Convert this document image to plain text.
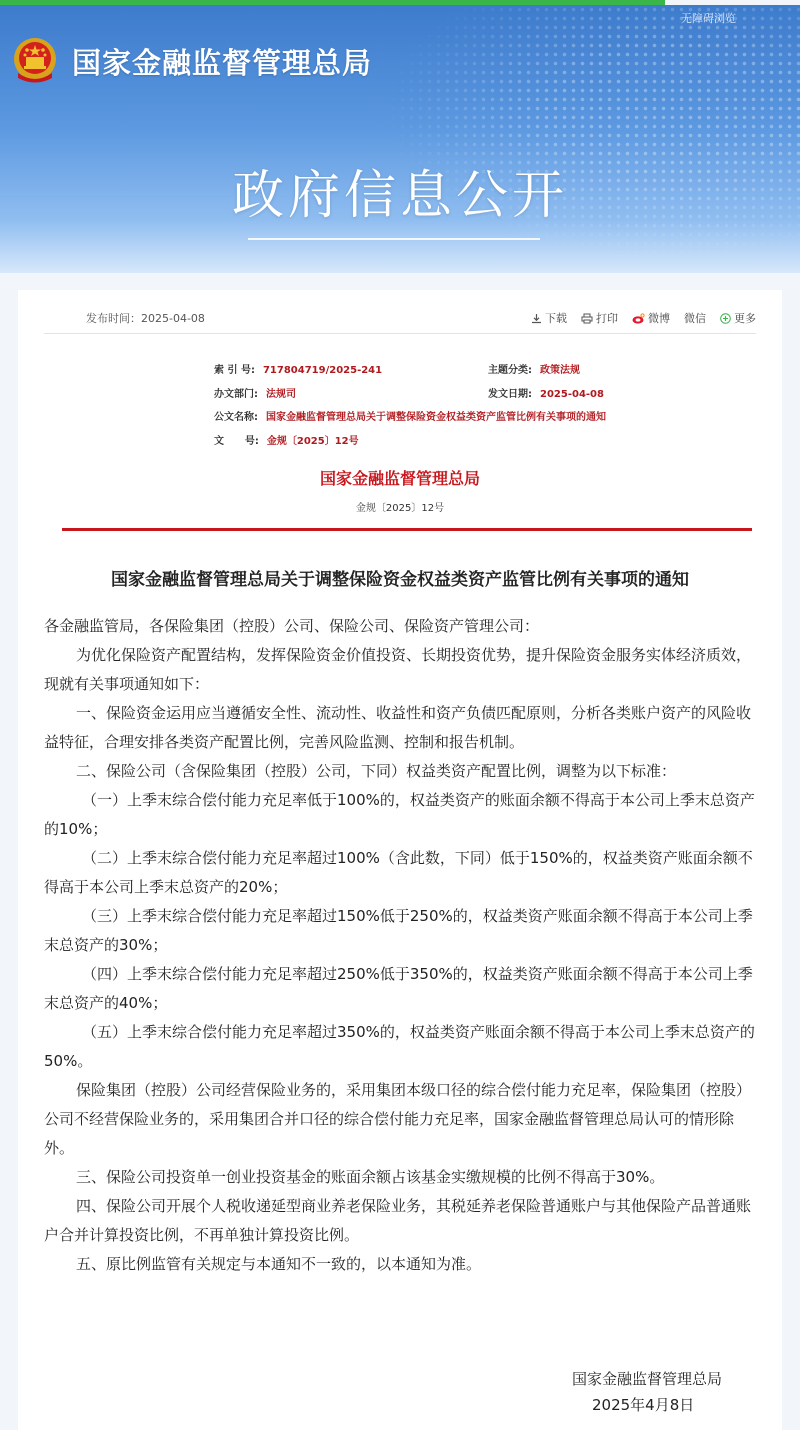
无障碍浏览
国家金融监督管理总局
政府信息公开
发布时间：2025-04-08	下载	打印	微博 微信	更多
索 引 号: 717804719/2025-241	主题分类: 政策法规
办文部门: 法规司	发文日期: 2025-04-08
公文名称: 国家金融监督管理总局关于调整保险资金权益类资产监管比例有关事项的通知
文      号: 金规〔2025〕12号
国家金融监督管理总局
金规〔2025〕12号
国家金融监督管理总局关于调整保险资金权益类资产监管比例有关事项的通知

各金融监管局，各保险集团（控股）公司、保险公司、保险资产管理公司：

为优化保险资产配置结构，发挥保险资金价值投资、长期投资优势，提升保险资金服务实体经济质效，现就有关事项通知如下：

一、保险资金运用应当遵循安全性、流动性、收益性和资产负债匹配原则，分析各类账户资产的风险收益特征，合理安排各类资产配置比例，完善风险监测、控制和报告机制。

二、保险公司（含保险集团（控股）公司，下同）权益类资产配置比例，调整为以下标准：

（一）上季末综合偿付能力充足率低于100%的，权益类资产的账面余额不得高于本公司上季末总资产的10%；

（二）上季末综合偿付能力充足率超过100%（含此数，下同）低于150%的，权益类资产账面余额不得高于本公司上季末总资产的20%；

（三）上季末综合偿付能力充足率超过150%低于250%的，权益类资产账面余额不得高于本公司上季末总资产的30%；

（四）上季末综合偿付能力充足率超过250%低于350%的，权益类资产账面余额不得高于本公司上季末总资产的40%；

（五）上季末综合偿付能力充足率超过350%的，权益类资产账面余额不得高于本公司上季末总资产的50%。

保险集团（控股）公司经营保险业务的，采用集团本级口径的综合偿付能力充足率，保险集团（控股）公司不经营保险业务的，采用集团合并口径的综合偿付能力充足率，国家金融监督管理总局认可的情形除外。

三、保险公司投资单一创业投资基金的账面余额占该基金实缴规模的比例不得高于30%。

四、保险公司开展个人税收递延型商业养老保险业务，其税延养老保险普通账户与其他保险产品普通账户合并计算投资比例，不再单独计算投资比例。

五、原比例监管有关规定与本通知不一致的，以本通知为准。

国家金融监督管理总局
2025年4月8日
